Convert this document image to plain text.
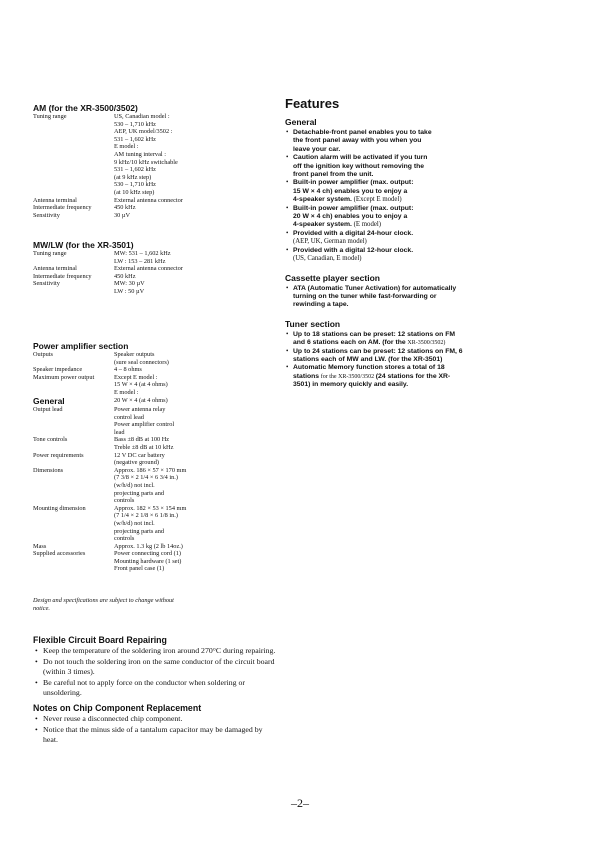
AM (for the XR-3500/3502)
Tuning range	US, Canadian model :
530 – 1,710 kHz
AEP, UK model/3502 :
531 – 1,602 kHz
E model :
AM tuning interval :
9 kHz/10 kHz switchable
531 – 1,602 kHz
(at 9 kHz step)
530 – 1,710 kHz
(at 10 kHz step)
Antenna terminal	External antenna connector
Intermediate frequency	450 kHz
Sensitivity	30 µV
MW/LW (for the XR-3501)
Tuning range	MW: 531 – 1,602 kHz
LW : 153 – 281 kHz
Antenna terminal	External antenna connector
Intermediate frequency	450 kHz
Sensitivity	MW: 30 µV
LW : 50 µV
Power amplifier section
Outputs	Speaker outputs
(sure seal connectors)
Speaker impedance	4 – 8 ohms
Maximum power output	Except E model :
15 W × 4 (at 4 ohms)
E model :
20 W × 4 (at 4 ohms)
General
Output lead	Power antenna relay
control lead
Power amplifier control
lead
Tone controls	Bass ±8 dB at 100 Hz
Treble ±8 dB at 10 kHz
Power requirements	12 V DC car battery
(negative ground)
Dimensions	Approx. 186 × 57 × 170 mm
(7 3/8 × 2 1/4 × 6 3/4 in.)
(w/h/d) not incl.
projecting parts and
controls
Mounting dimension	Approx. 182 × 53 × 154 mm
(7 1/4 × 2 1/8 × 6 1/8 in.)
(w/h/d) not incl.
projecting parts and
controls
Mass	Approx. 1.3 kg (2 lb 14oz.)
Supplied accessories	Power connecting cord (1)
Mounting hardware (1 set)
Front panel case (1)
Design and specifications are subject to change without
notice.
Features
General
• Detachable-front panel enables you to take
the front panel away with you when you
leave your car.
• Caution alarm will be activated if you turn
off the ignition key without removing the
front panel from the unit.
• Built-in power amplifier (max. output:
15 W × 4 ch) enables you to enjoy a
4-speaker system. (Except E model)
• Built-in power amplifier (max. output:
20 W × 4 ch) enables you to enjoy a
4-speaker system. (E model)
• Provided with a digital 24-hour clock.
(AEP, UK, German model)
• Provided with a digital 12-hour clock.
(US, Canadian, E model)
Cassette player section
• ATA (Automatic Tuner Activation) for automatically turning on the tuner while fast-forwarding or rewinding a tape.
Tuner section
• Up to 18 stations can be preset: 12 stations on FM and 6 stations each on AM. (for the XR-3500/3502)
• Up to 24 stations can be preset: 12 stations on FM, 6 stations each of MW and LW. (for the XR-3501)
• Automatic Memory function stores a total of 18 stations for the XR-3500/3502 (24 stations for the XR-3501) in memory quickly and easily.
Flexible Circuit Board Repairing
• Keep the temperature of the soldering iron around 270°C during repairing.
• Do not touch the soldering iron on the same conductor of the circuit board (within 3 times).
• Be careful not to apply force on the conductor when soldering or unsoldering.
Notes on Chip Component Replacement
• Never reuse a disconnected chip component.
• Notice that the minus side of a tantalum capacitor may be damaged by heat.
–2–
